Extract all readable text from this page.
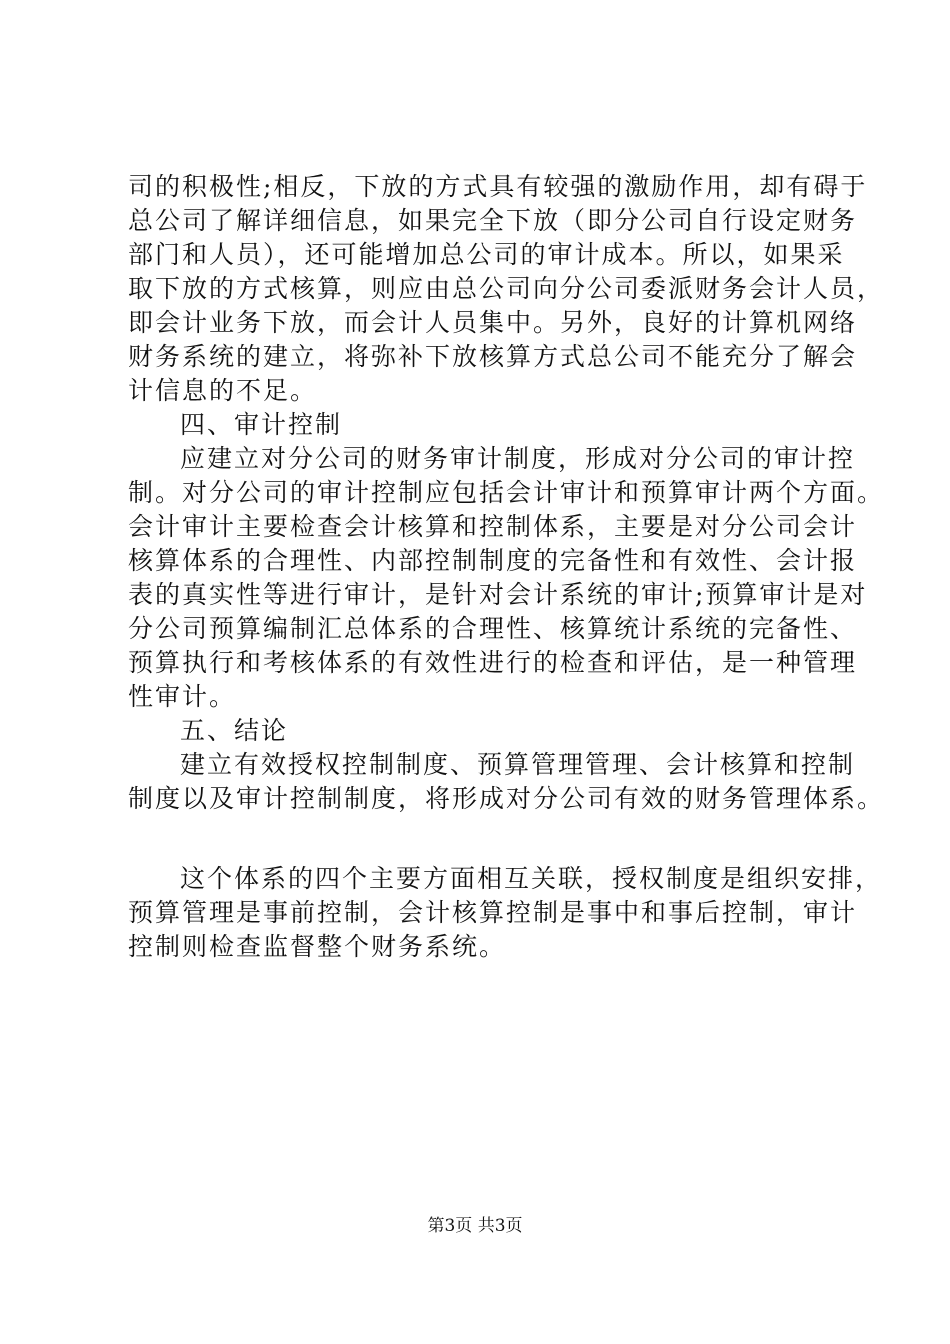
司的积极性;相反，下放的方式具有较强的激励作用，却有碍于
总公司了解详细信息，如果完全下放（即分公司自行设定财务
部门和人员），还可能增加总公司的审计成本。所以，如果采
取下放的方式核算，则应由总公司向分公司委派财务会计人员，
即会计业务下放，而会计人员集中。另外，良好的计算机网络
财务系统的建立，将弥补下放核算方式总公司不能充分了解会
计信息的不足。
四、审计控制
应建立对分公司的财务审计制度，形成对分公司的审计控
制。对分公司的审计控制应包括会计审计和预算审计两个方面。
会计审计主要检查会计核算和控制体系，主要是对分公司会计
核算体系的合理性、内部控制制度的完备性和有效性、会计报
表的真实性等进行审计，是针对会计系统的审计;预算审计是对
分公司预算编制汇总体系的合理性、核算统计系统的完备性、
预算执行和考核体系的有效性进行的检查和评估，是一种管理
性审计。
五、结论
建立有效授权控制制度、预算管理管理、会计核算和控制
制度以及审计控制制度，将形成对分公司有效的财务管理体系。
这个体系的四个主要方面相互关联，授权制度是组织安排，
预算管理是事前控制，会计核算控制是事中和事后控制，审计
控制则检查监督整个财务系统。
第3页 共3页
